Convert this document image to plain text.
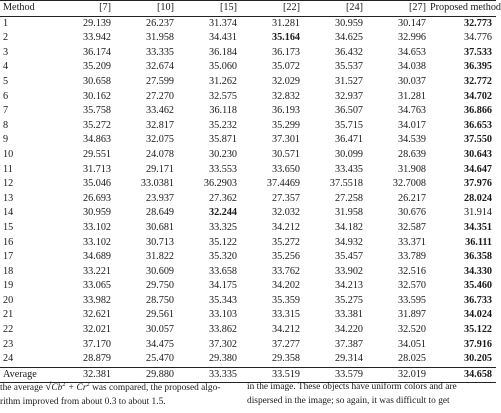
Method	[7]	[10]	[15]	[22]	[24]	[27]	Proposed method
1	29.139	26.237	31.374	31.281	30.959	30.147	32.773
2	33.942	31.958	34.431	35.164	34.625	32.996	34.776
3	36.174	33.335	36.184	36.173	36.432	34.653	37.533
4	35.209	32.674	35.060	35.072	35.537	34.038	36.395
5	30.658	27.599	31.262	32.029	31.527	30.037	32.772
6	30.162	27.270	32.575	32.832	32.937	31.281	34.702
7	35.758	33.462	36.118	36.193	36.507	34.763	36.866
8	35.272	32.817	35.232	35.299	35.715	34.017	36.653
9	34.863	32.075	35.871	37.301	36.471	34.539	37.550
10	29.551	24.078	30.230	30.571	30.099	28.639	30.643
11	31.713	29.171	33.553	33.650	33.435	31.908	34.647
12	35.046	33.0381	36.2903	37.4469	37.5518	32.7008	37.976
13	26.693	23.937	27.362	27.357	27.258	26.217	28.024
14	30.959	28.649	32.244	32.032	31.958	30.676	31.914
15	33.102	30.681	33.325	34.212	34.182	32.587	34.351
16	33.102	30.713	35.122	35.272	34.932	33.371	36.111
17	34.689	31.822	35.320	35.256	35.457	33.789	36.358
18	33.221	30.609	33.658	33.762	33.902	32.516	34.330
19	33.065	29.750	34.175	34.202	34.213	32.570	35.460
20	33.982	28.750	35.343	35.359	35.275	33.595	36.733
21	32.621	29.561	33.103	33.315	33.381	31.897	34.024
22	32.021	30.057	33.862	34.212	34.220	32.520	35.122
23	37.170	34.475	37.302	37.277	37.387	34.051	37.916
24	28.879	25.470	29.380	29.358	29.314	28.025	30.205
Average	32.381	29.880	33.335	33.519	33.579	32.019	34.658
the average $√Cb^2 + Cr^2$ was compared, the proposed algo-
rithm improved from about 0.3 to about 1.5.
in the image. These objects have uniform colors and are
dispersed in the image; so again, it was difficult to get
